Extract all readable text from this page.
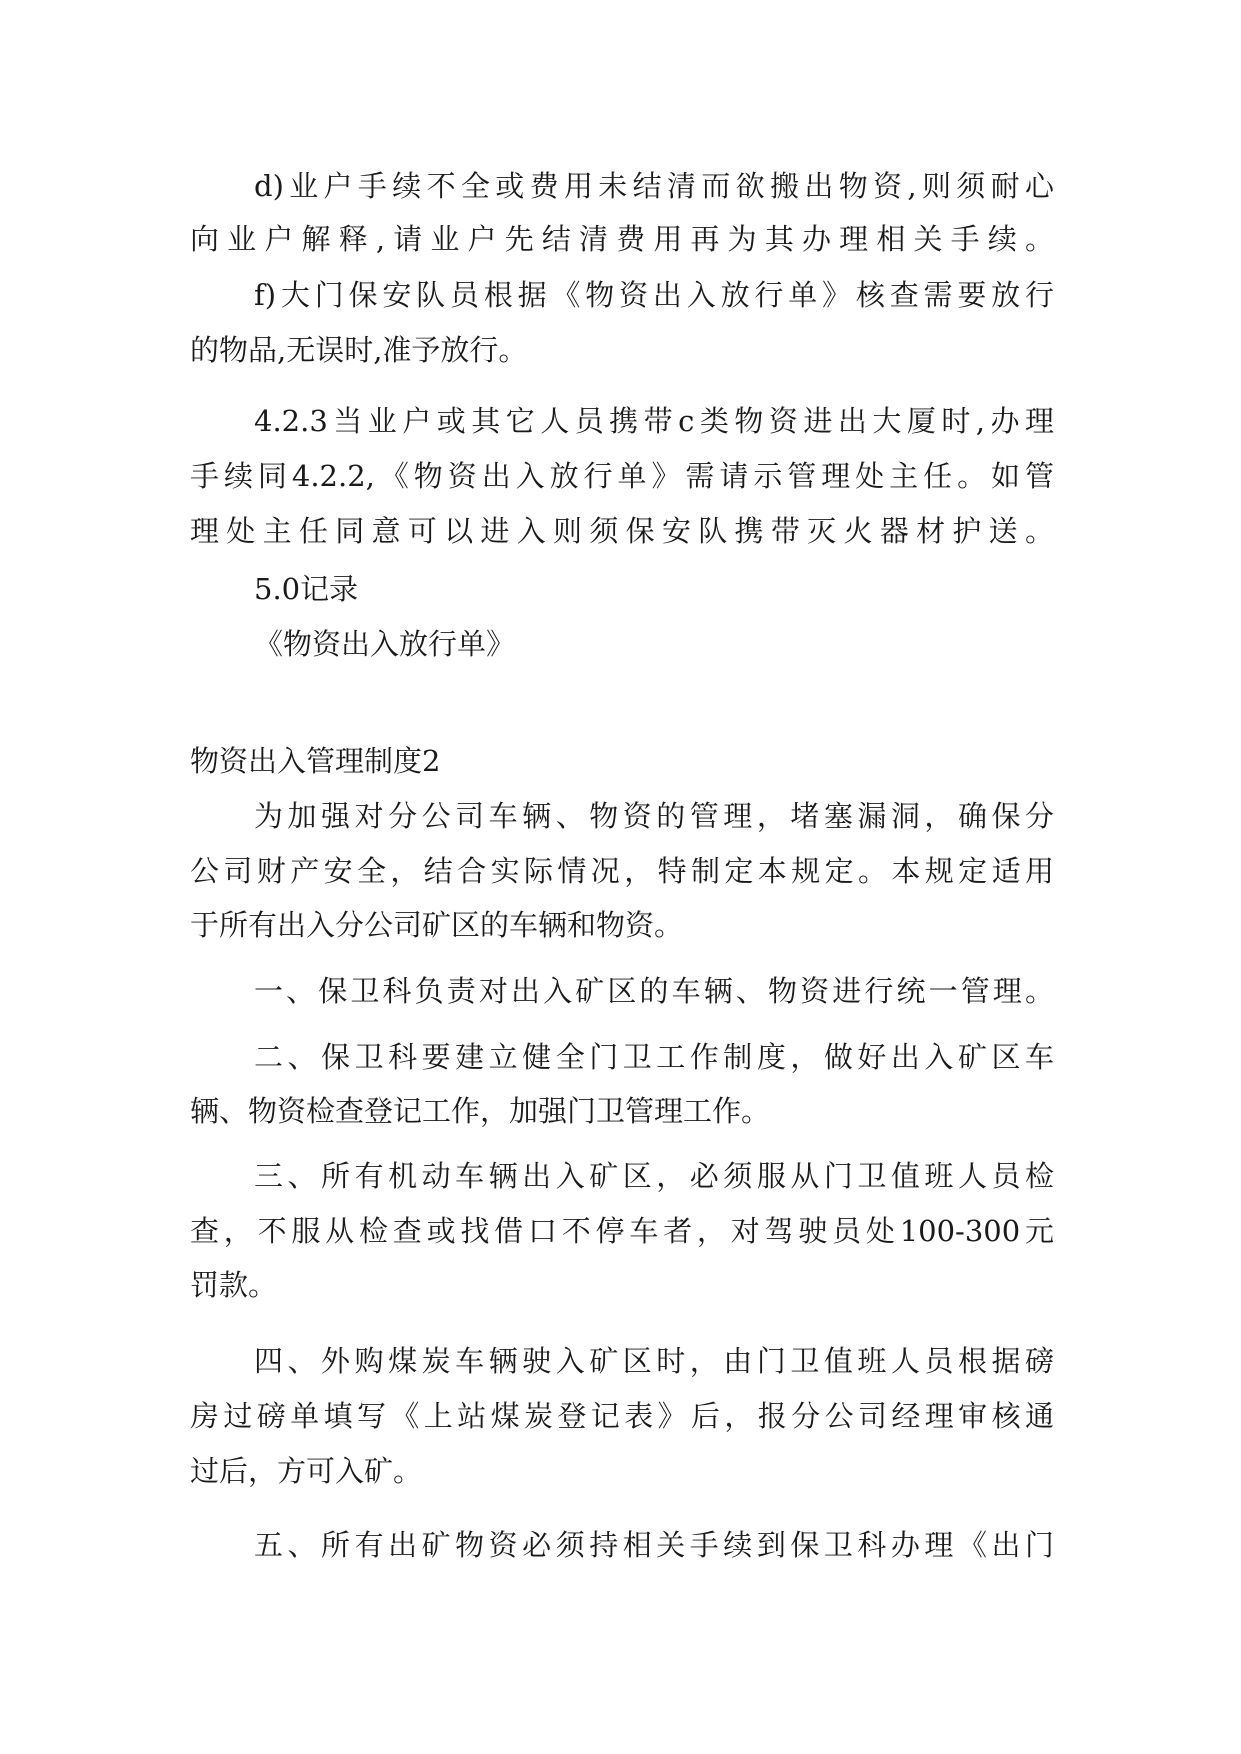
d)业户手续不全或费用未结清而欲搬出物资,则须耐心
向业户解释,请业户先结清费用再为其办理相关手续。
f)大门保安队员根据《物资出入放行单》核查需要放行
的物品,无误时,准予放行。
4.2.3当业户或其它人员携带c类物资进出大厦时,办理
手续同4.2.2,《物资出入放行单》需请示管理处主任。如管
理处主任同意可以进入则须保安队携带灭火器材护送。
5.0记录
《物资出入放行单》
物资出入管理制度2
为加强对分公司车辆、物资的管理，堵塞漏洞，确保分
公司财产安全，结合实际情况，特制定本规定。本规定适用
于所有出入分公司矿区的车辆和物资。
一、保卫科负责对出入矿区的车辆、物资进行统一管理。
二、保卫科要建立健全门卫工作制度，做好出入矿区车
辆、物资检查登记工作，加强门卫管理工作。
三、所有机动车辆出入矿区，必须服从门卫值班人员检
查，不服从检查或找借口不停车者，对驾驶员处100-300元
罚款。
四、外购煤炭车辆驶入矿区时，由门卫值班人员根据磅
房过磅单填写《上站煤炭登记表》后，报分公司经理审核通
过后，方可入矿。
五、所有出矿物资必须持相关手续到保卫科办理《出门
